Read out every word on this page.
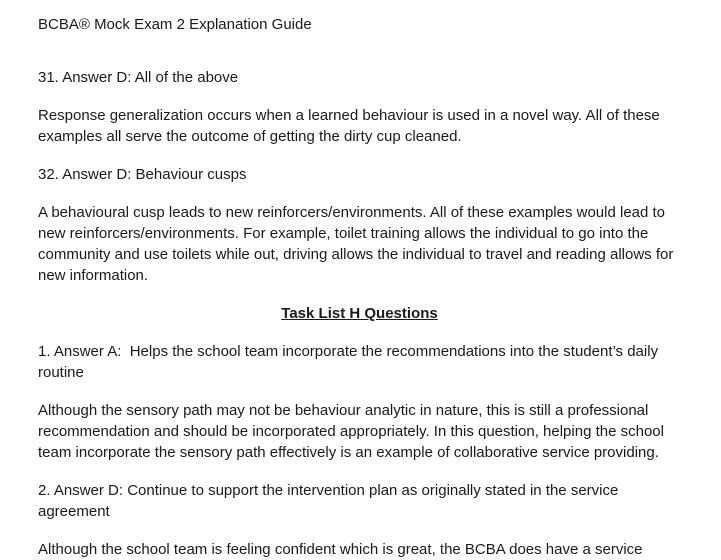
BCBA® Mock Exam 2 Explanation Guide

31. Answer D: All of the above

Response generalization occurs when a learned behaviour is used in a novel way. All of these examples all serve the outcome of getting the dirty cup cleaned.

32. Answer D: Behaviour cusps

A behavioural cusp leads to new reinforcers/environments. All of these examples would lead to new reinforcers/environments. For example, toilet training allows the individual to go into the community and use toilets while out, driving allows the individual to travel and reading allows for new information.

Task List H Questions

1. Answer A:  Helps the school team incorporate the recommendations into the student’s daily routine

Although the sensory path may not be behaviour analytic in nature, this is still a professional recommendation and should be incorporated appropriately. In this question, helping the school team incorporate the sensory path effectively is an example of collaborative service providing.

2. Answer D: Continue to support the intervention plan as originally stated in the service agreement

Although the school team is feeling confident which is great, the BCBA does have a service
